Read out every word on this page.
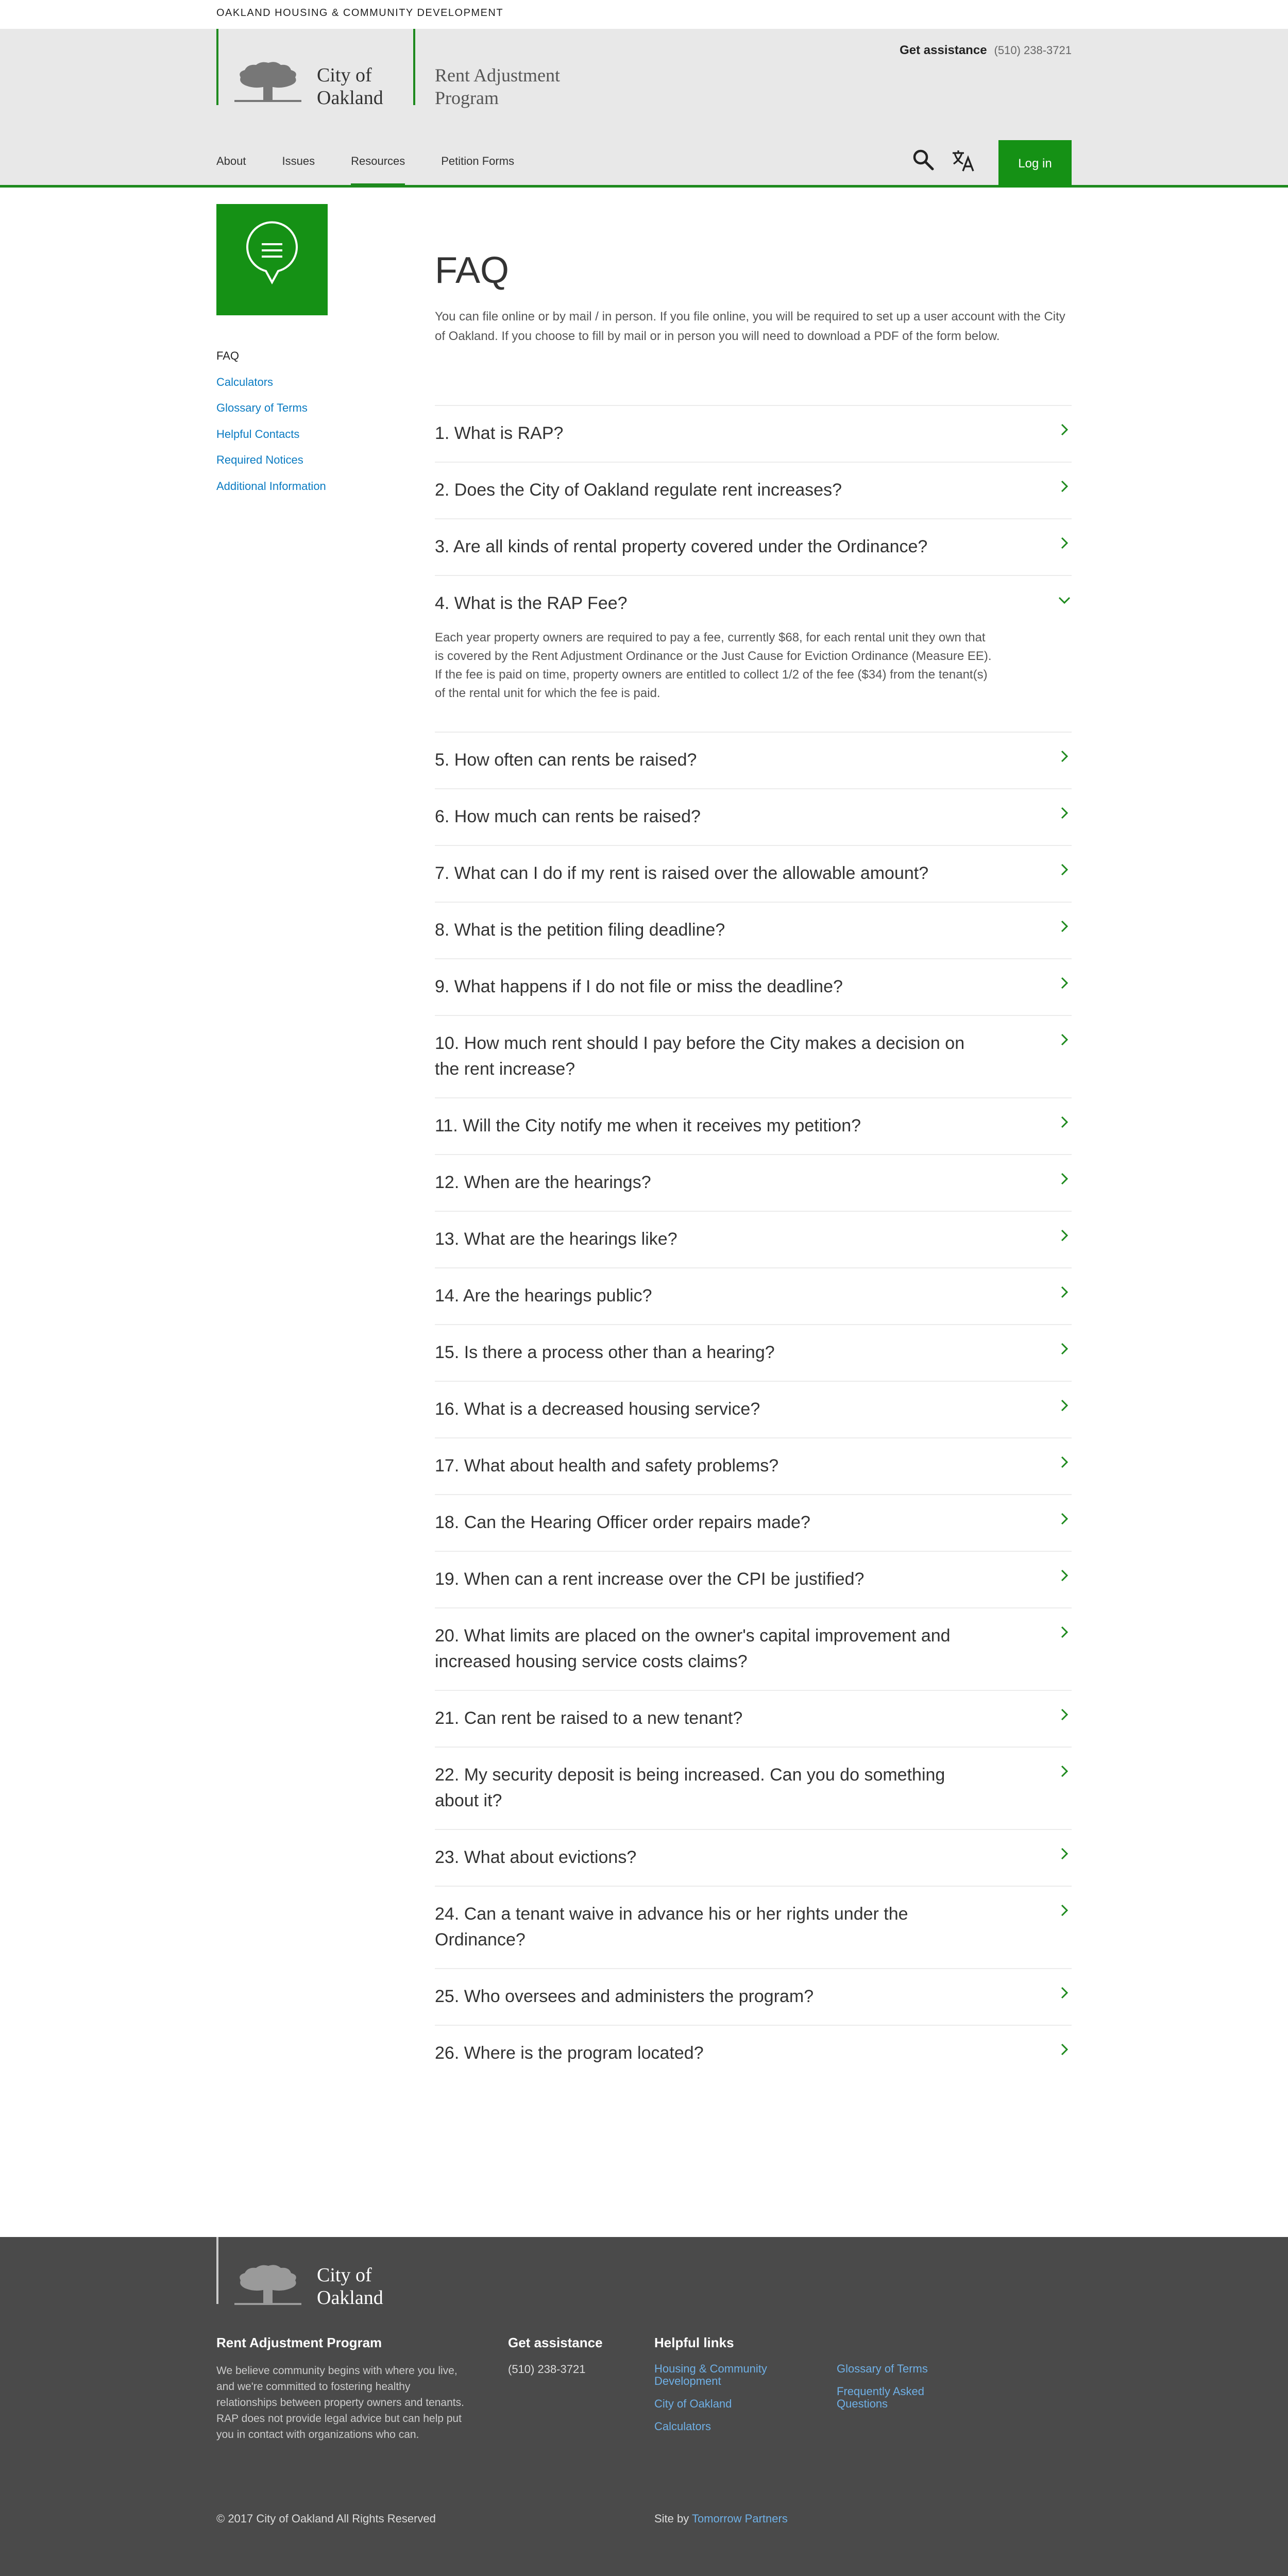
OAKLAND HOUSING & COMMUNITY DEVELOPMENT
City of
Oakland
Rent Adjustment
Program
Get assistance (510) 238-3721
About	Issues	Resources	Petition Forms	Log in
FAQ
Calculators
Glossary of Terms
Helpful Contacts
Required Notices
Additional Information
FAQ

You can file online or by mail / in person. If you file online, you will be required to set up a user account with the City of Oakland. If you choose to fill by mail or in person you will need to download a PDF of the form below.

1. What is RAP?
2. Does the City of Oakland regulate rent increases?
3. Are all kinds of rental property covered under the Ordinance?
4. What is the RAP Fee?
Each year property owners are required to pay a fee, currently $68, for each rental unit they own that is covered by the Rent Adjustment Ordinance or the Just Cause for Eviction Ordinance (Measure EE). If the fee is paid on time, property owners are entitled to collect 1/2 of the fee ($34) from the tenant(s) of the rental unit for which the fee is paid.
5. How often can rents be raised?
6. How much can rents be raised?
7. What can I do if my rent is raised over the allowable amount?
8. What is the petition filing deadline?
9. What happens if I do not file or miss the deadline?
10. How much rent should I pay before the City makes a decision on the rent increase?
11. Will the City notify me when it receives my petition?
12. When are the hearings?
13. What are the hearings like?
14. Are the hearings public?
15. Is there a process other than a hearing?
16. What is a decreased housing service?
17. What about health and safety problems?
18. Can the Hearing Officer order repairs made?
19. When can a rent increase over the CPI be justified?
20. What limits are placed on the owner's capital improvement and increased housing service costs claims?
21. Can rent be raised to a new tenant?
22. My security deposit is being increased. Can you do something about it?
23. What about evictions?
24. Can a tenant waive in advance his or her rights under the Ordinance?
25. Who oversees and administers the program?
26. Where is the program located?
City of
Oakland
Rent Adjustment Program

We believe community begins with where you live, and we're committed to fostering healthy relationships between property owners and tenants. RAP does not provide legal advice but can help put you in contact with organizations who can.

Get assistance
(510) 238-3721
Helpful links
Housing & Community Development
City of Oakland
Calculators
Glossary of Terms
Frequently Asked Questions
© 2017 City of Oakland All Rights Reserved	Site by Tomorrow Partners
